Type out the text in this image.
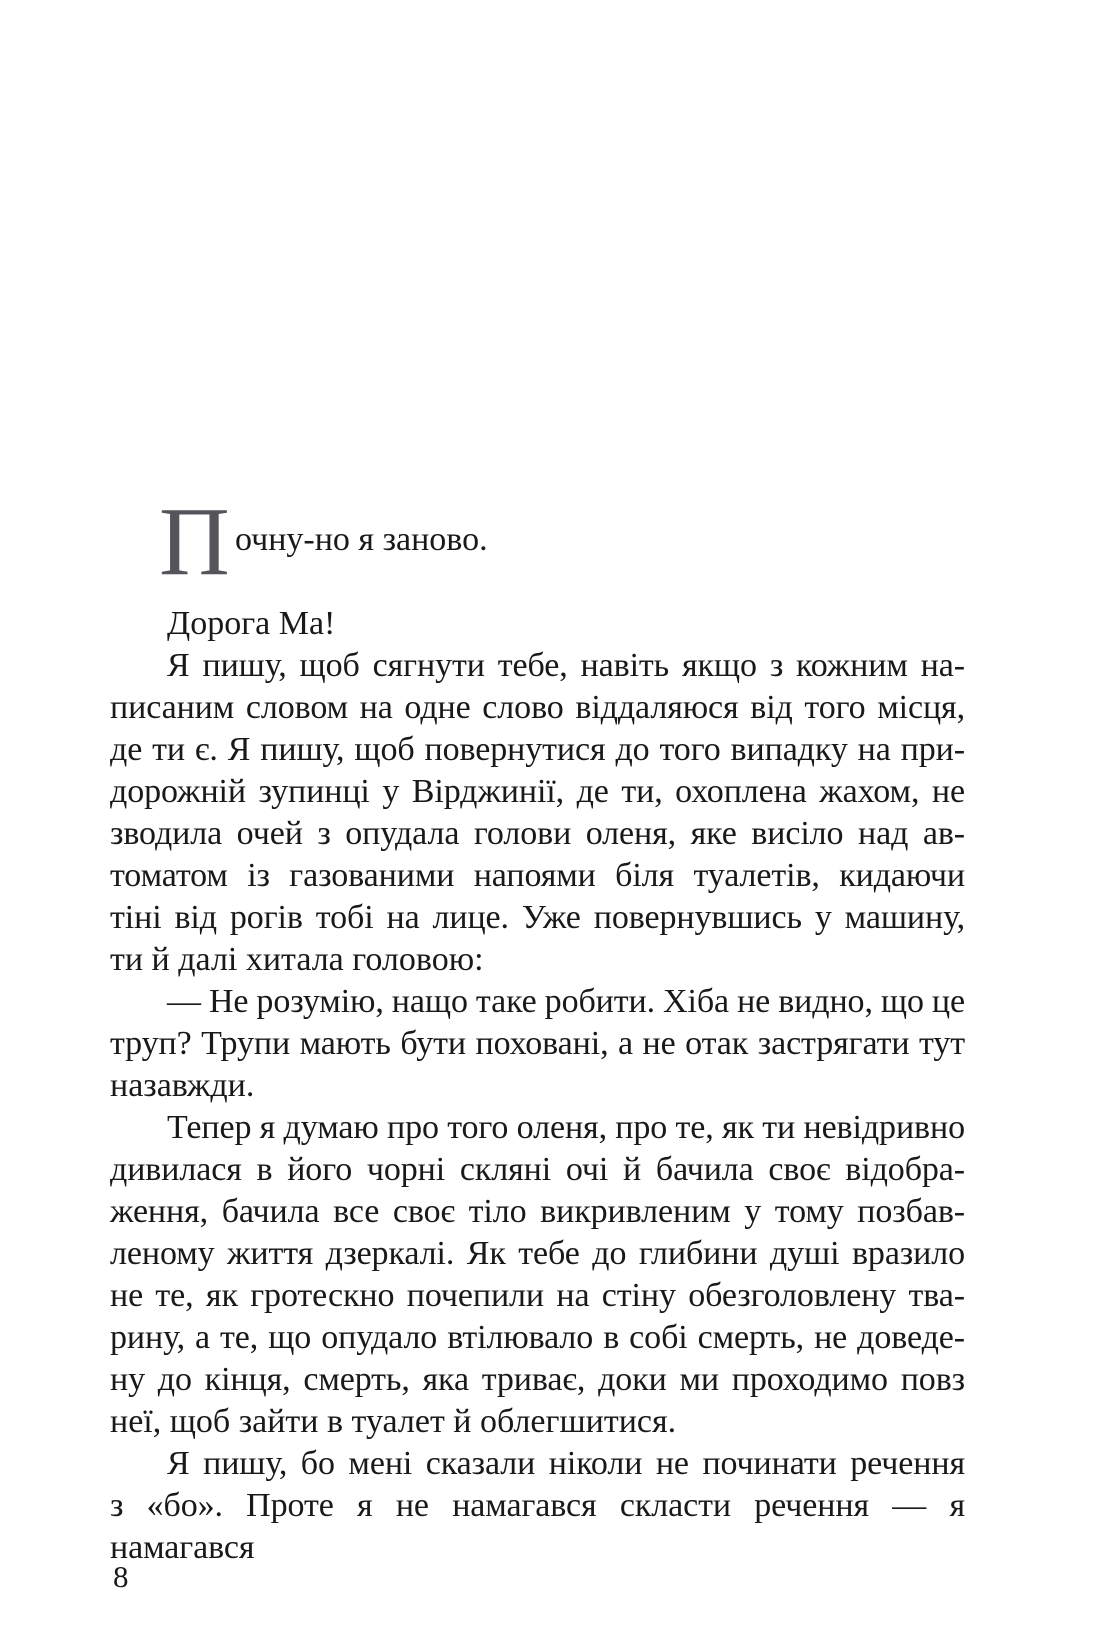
П очну-но я заново.
Дорога Ма!
Я пишу, щоб сягнути тебе, навіть якщо з кожним на-
писаним словом на одне слово віддаляюся від того місця,
де ти є. Я пишу, щоб повернутися до того випадку на при-
дорожній зупинці у Вірджинії, де ти, охоплена жахом, не
зводила очей з опудала голови оленя, яке висіло над ав-
томатом із газованими напоями біля туалетів, кидаючи
тіні від рогів тобі на лице. Уже повернувшись у машину,
ти й далі хитала головою:
— Не розумію, нащо таке робити. Хіба не видно, що це
труп? Трупи мають бути поховані, а не отак застрягати тут
назавжди.
Тепер я думаю про того оленя, про те, як ти невідривно
дивилася в його чорні скляні очі й бачила своє відобра-
ження, бачила все своє тіло викривленим у тому позбав-
леному життя дзеркалі. Як тебе до глибини душі вразило
не те, як гротескно почепили на стіну обезголовлену тва-
рину, а те, що опудало втілювало в собі смерть, не доведе-
ну до кінця, смерть, яка триває, доки ми проходимо повз
неї, щоб зайти в туалет й облегшитися.
Я пишу, бо мені сказали ніколи не починати речення
з «бо». Проте я не намагався скласти речення — я намагався
8
